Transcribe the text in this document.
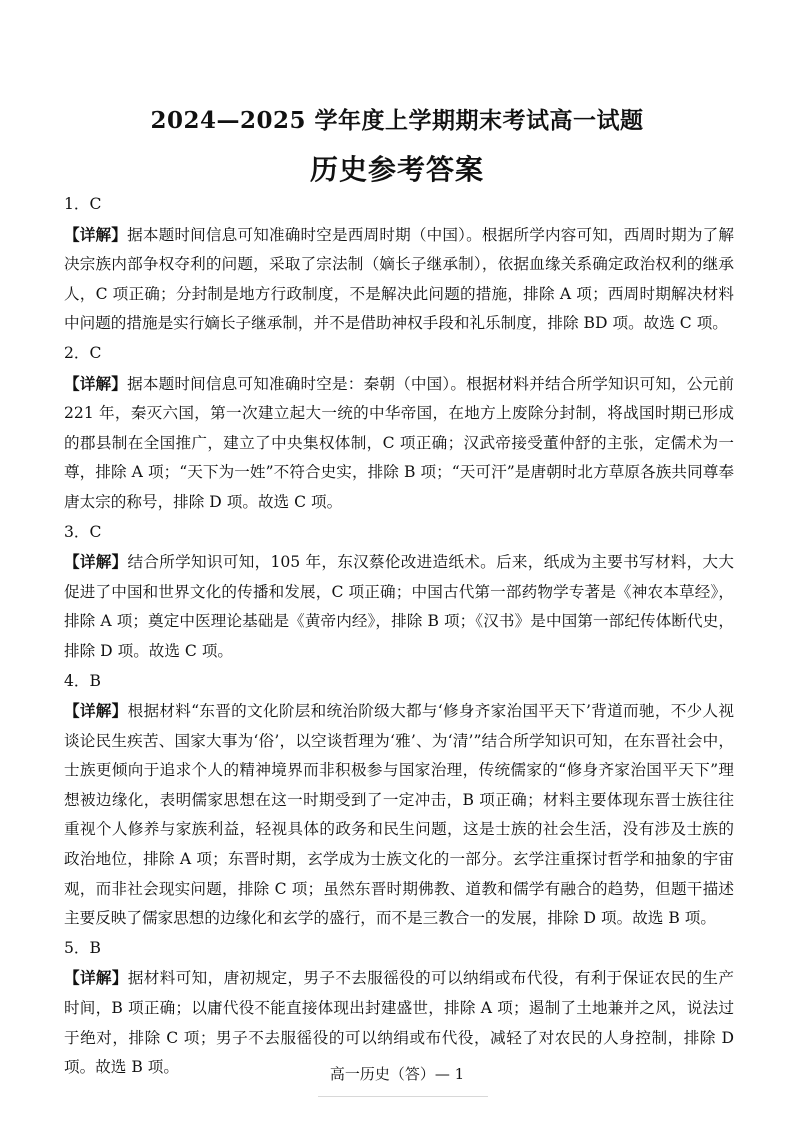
2024—2025 学年度上学期期末考试高一试题
历史参考答案

1．C

【详解】据本题时间信息可知准确时空是西周时期（中国）。根据所学内容可知，西周时期为了解决宗族内部争权夺利的问题，采取了宗法制（嫡长子继承制），依据血缘关系确定政治权利的继承人，C 项正确；分封制是地方行政制度，不是解决此问题的措施，排除 A 项；西周时期解决材料中问题的措施是实行嫡长子继承制，并不是借助神权手段和礼乐制度，排除 BD 项。故选 C 项。

2．C

【详解】据本题时间信息可知准确时空是：秦朝（中国）。根据材料并结合所学知识可知，公元前 221 年，秦灭六国，第一次建立起大一统的中华帝国，在地方上废除分封制，将战国时期已形成的郡县制在全国推广，建立了中央集权体制，C 项正确；汉武帝接受董仲舒的主张，定儒术为一尊，排除 A 项；“天下为一姓”不符合史实，排除 B 项；“天可汗”是唐朝时北方草原各族共同尊奉唐太宗的称号，排除 D 项。故选 C 项。

3．C

【详解】结合所学知识可知，105 年，东汉蔡伦改进造纸术。后来，纸成为主要书写材料，大大促进了中国和世界文化的传播和发展，C 项正确；中国古代第一部药物学专著是《神农本草经》，排除 A 项；奠定中医理论基础是《黄帝内经》，排除 B 项；《汉书》是中国第一部纪传体断代史，排除 D 项。故选 C 项。

4．B

【详解】根据材料“东晋的文化阶层和统治阶级大都与‘修身齐家治国平天下’背道而驰，不少人视谈论民生疾苦、国家大事为‘俗’，以空谈哲理为‘雅’、为‘清’”结合所学知识可知，在东晋社会中，士族更倾向于追求个人的精神境界而非积极参与国家治理，传统儒家的“修身齐家治国平天下”理想被边缘化，表明儒家思想在这一时期受到了一定冲击，B 项正确；材料主要体现东晋士族往往重视个人修养与家族利益，轻视具体的政务和民生问题，这是士族的社会生活，没有涉及士族的政治地位，排除 A 项；东晋时期，玄学成为士族文化的一部分。玄学注重探讨哲学和抽象的宇宙观，而非社会现实问题，排除 C 项；虽然东晋时期佛教、道教和儒学有融合的趋势，但题干描述主要反映了儒家思想的边缘化和玄学的盛行，而不是三教合一的发展，排除 D 项。故选 B 项。

5．B

【详解】据材料可知，唐初规定，男子不去服徭役的可以纳绢或布代役，有利于保证农民的生产时间，B 项正确；以庸代役不能直接体现出封建盛世，排除 A 项；遏制了土地兼并之风，说法过于绝对，排除 C 项；男子不去服徭役的可以纳绢或布代役，减轻了对农民的人身控制，排除 D 项。故选 B 项。	高一历史（答）— 1
